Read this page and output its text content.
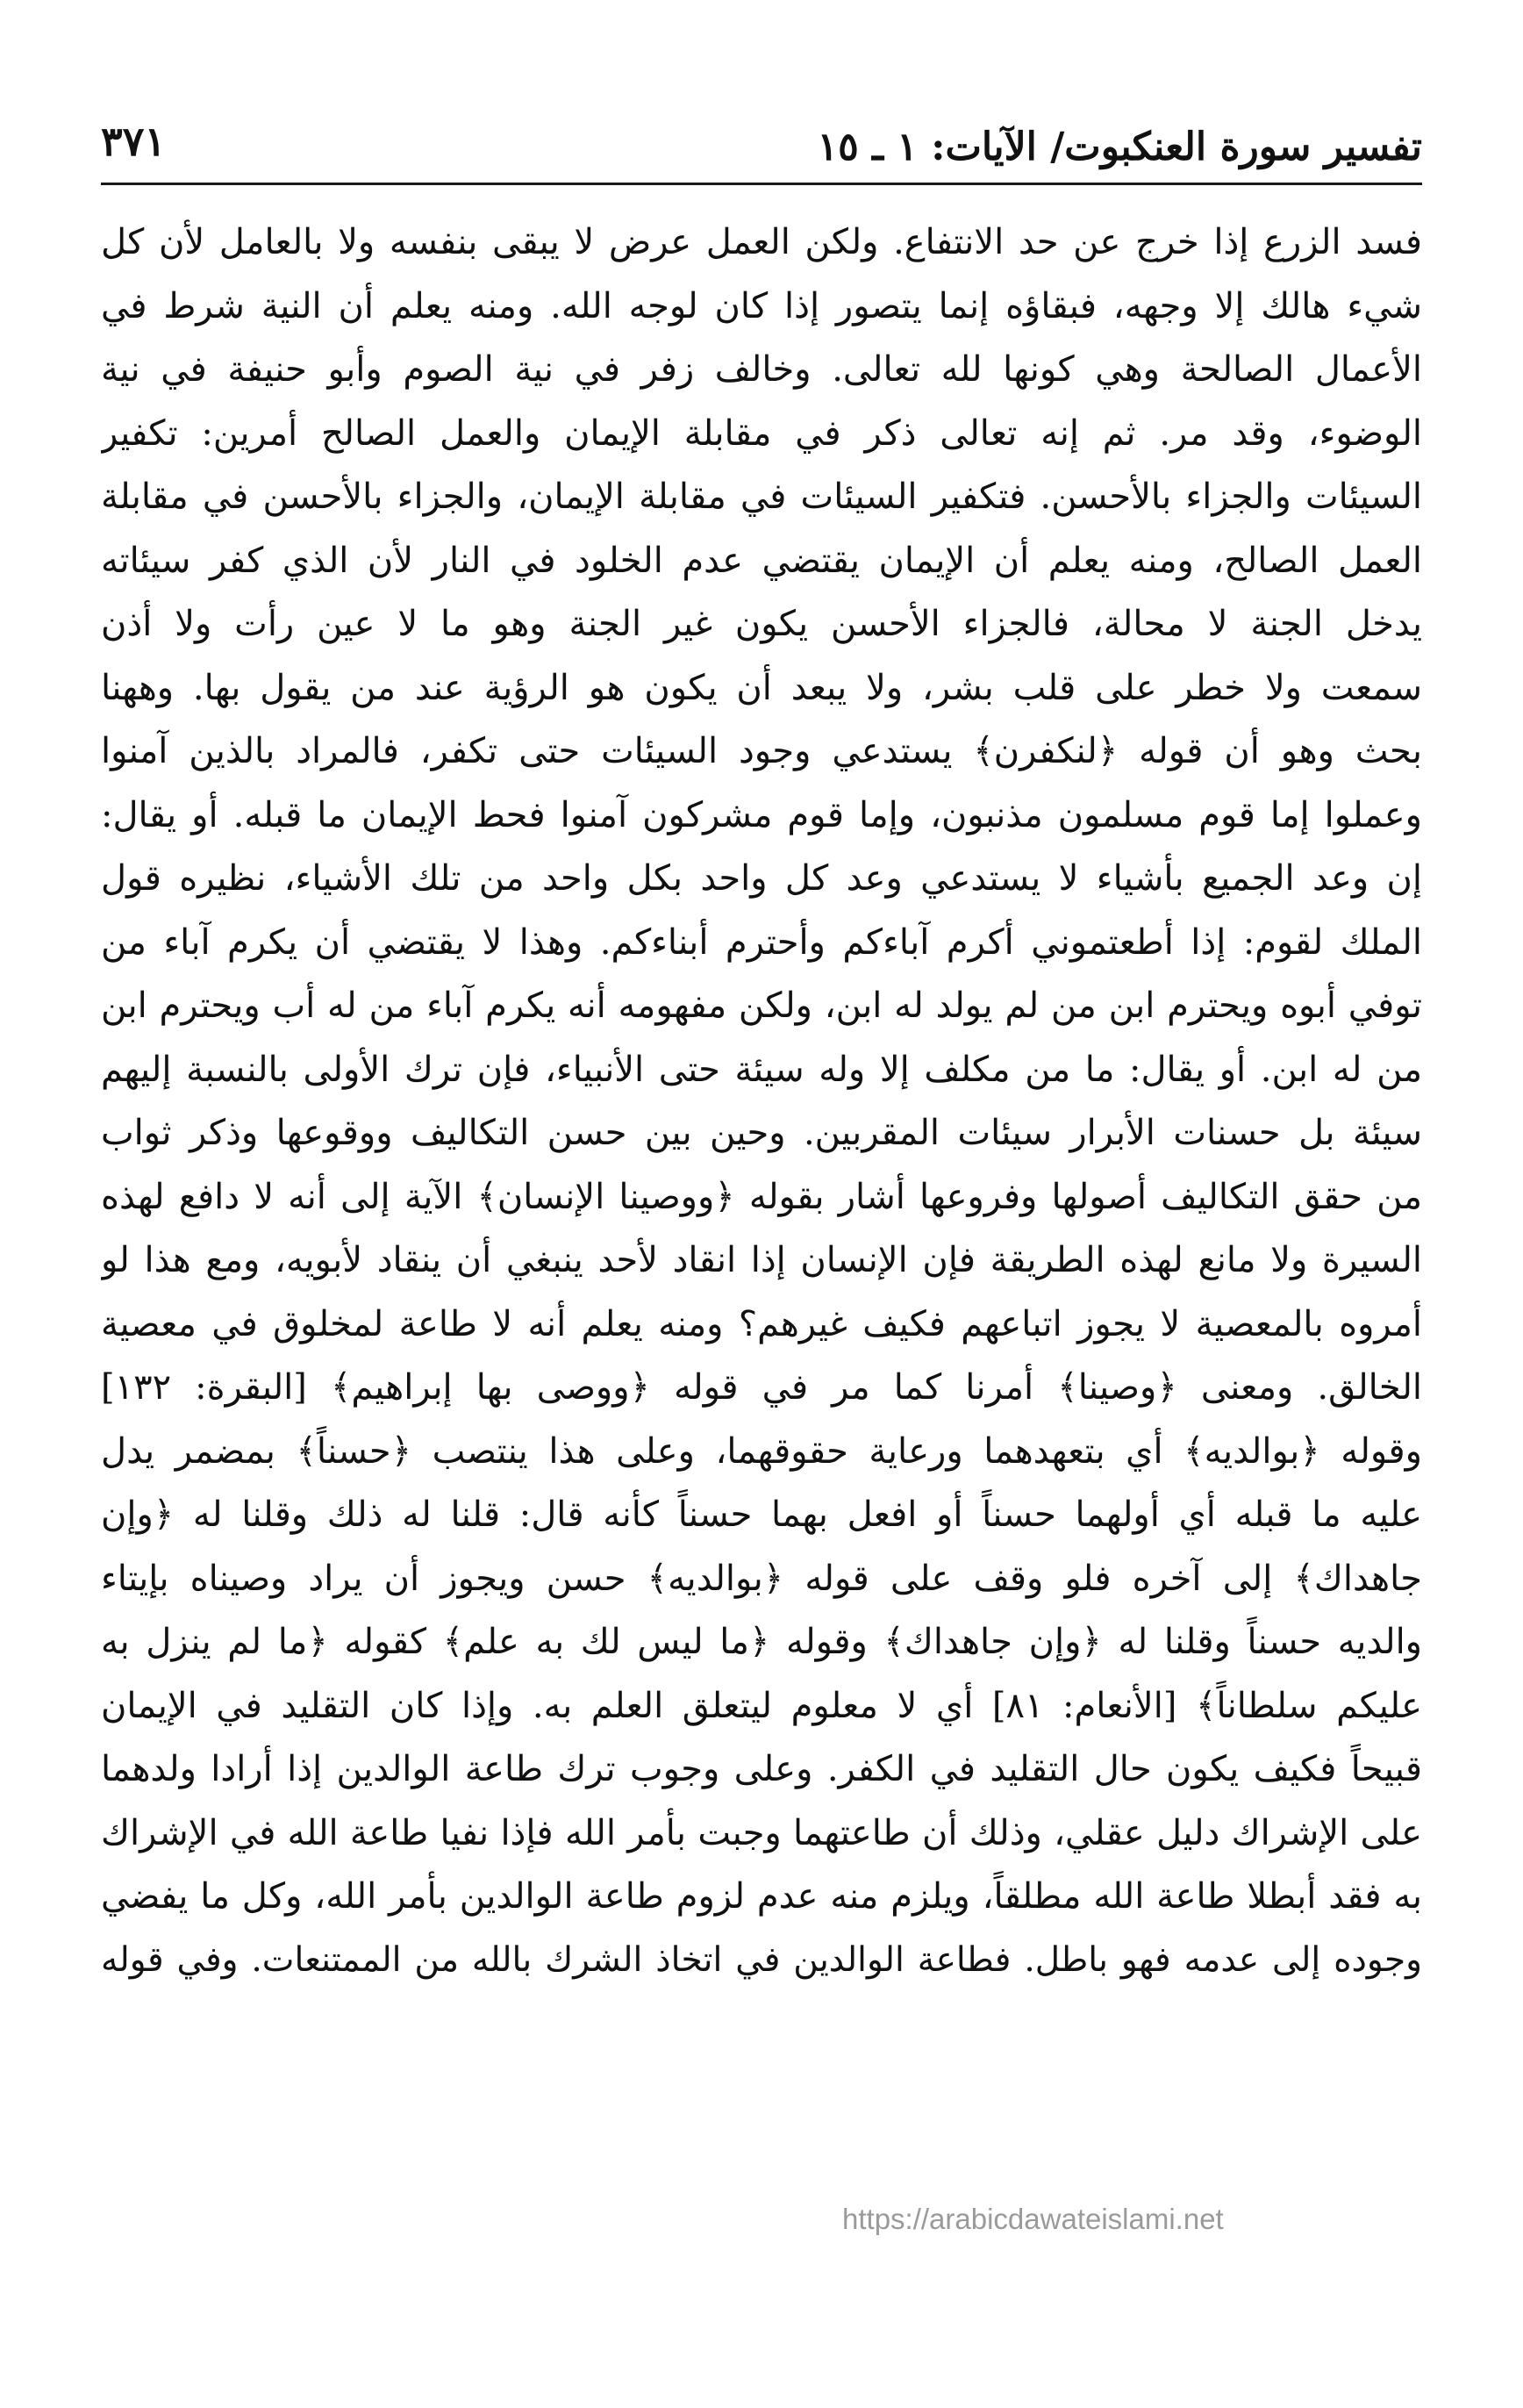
تفسير سورة العنكبوت/ الآيات: ١ ـ ١٥
٣٧١
فسد الزرع إذا خرج عن حد الانتفاع. ولكن العمل عرض لا يبقى بنفسه ولا بالعامل لأن كل
شيء هالك إلا وجهه، فبقاؤه إنما يتصور إذا كان لوجه الله. ومنه يعلم أن النية شرط في
الأعمال الصالحة وهي كونها لله تعالى. وخالف زفر في نية الصوم وأبو حنيفة في نية
الوضوء، وقد مر. ثم إنه تعالى ذكر في مقابلة الإيمان والعمل الصالح أمرين: تكفير
السيئات والجزاء بالأحسن. فتكفير السيئات في مقابلة الإيمان، والجزاء بالأحسن في مقابلة
العمل الصالح، ومنه يعلم أن الإيمان يقتضي عدم الخلود في النار لأن الذي كفر سيئاته
يدخل الجنة لا محالة، فالجزاء الأحسن يكون غير الجنة وهو ما لا عين رأت ولا أذن
سمعت ولا خطر على قلب بشر، ولا يبعد أن يكون هو الرؤية عند من يقول بها. وههنا
بحث وهو أن قوله ﴿لنكفرن﴾ يستدعي وجود السيئات حتى تكفر، فالمراد بالذين آمنوا
وعملوا إما قوم مسلمون مذنبون، وإما قوم مشركون آمنوا فحط الإيمان ما قبله. أو يقال:
إن وعد الجميع بأشياء لا يستدعي وعد كل واحد بكل واحد من تلك الأشياء، نظيره قول
الملك لقوم: إذا أطعتموني أكرم آباءكم وأحترم أبناءكم. وهذا لا يقتضي أن يكرم آباء من
توفي أبوه ويحترم ابن من لم يولد له ابن، ولكن مفهومه أنه يكرم آباء من له أب ويحترم ابن
من له ابن. أو يقال: ما من مكلف إلا وله سيئة حتى الأنبياء، فإن ترك الأولى بالنسبة إليهم
سيئة بل حسنات الأبرار سيئات المقربين. وحين بين حسن التكاليف ووقوعها وذكر ثواب
من حقق التكاليف أصولها وفروعها أشار بقوله ﴿ووصينا الإنسان﴾ الآية إلى أنه لا دافع لهذه
السيرة ولا مانع لهذه الطريقة فإن الإنسان إذا انقاد لأحد ينبغي أن ينقاد لأبويه، ومع هذا لو
أمروه بالمعصية لا يجوز اتباعهم فكيف غيرهم؟ ومنه يعلم أنه لا طاعة لمخلوق في معصية
الخالق. ومعنى ﴿وصينا﴾ أمرنا كما مر في قوله ﴿ووصى بها إبراهيم﴾ [البقرة: ١٣٢]
وقوله ﴿بوالديه﴾ أي بتعهدهما ورعاية حقوقهما، وعلى هذا ينتصب ﴿حسناً﴾ بمضمر يدل
عليه ما قبله أي أولهما حسناً أو افعل بهما حسناً كأنه قال: قلنا له ذلك وقلنا له ﴿وإن
جاهداك﴾ إلى آخره فلو وقف على قوله ﴿بوالديه﴾ حسن ويجوز أن يراد وصيناه بإيتاء
والديه حسناً وقلنا له ﴿وإن جاهداك﴾ وقوله ﴿ما ليس لك به علم﴾ كقوله ﴿ما لم ينزل به
عليكم سلطاناً﴾ [الأنعام: ٨١] أي لا معلوم ليتعلق العلم به. وإذا كان التقليد في الإيمان
قبيحاً فكيف يكون حال التقليد في الكفر. وعلى وجوب ترك طاعة الوالدين إذا أرادا ولدهما
على الإشراك دليل عقلي، وذلك أن طاعتهما وجبت بأمر الله فإذا نفيا طاعة الله في الإشراك
به فقد أبطلا طاعة الله مطلقاً، ويلزم منه عدم لزوم طاعة الوالدين بأمر الله، وكل ما يفضي
وجوده إلى عدمه فهو باطل. فطاعة الوالدين في اتخاذ الشرك بالله من الممتنعات. وفي قوله
https://arabicdawateislami.net
